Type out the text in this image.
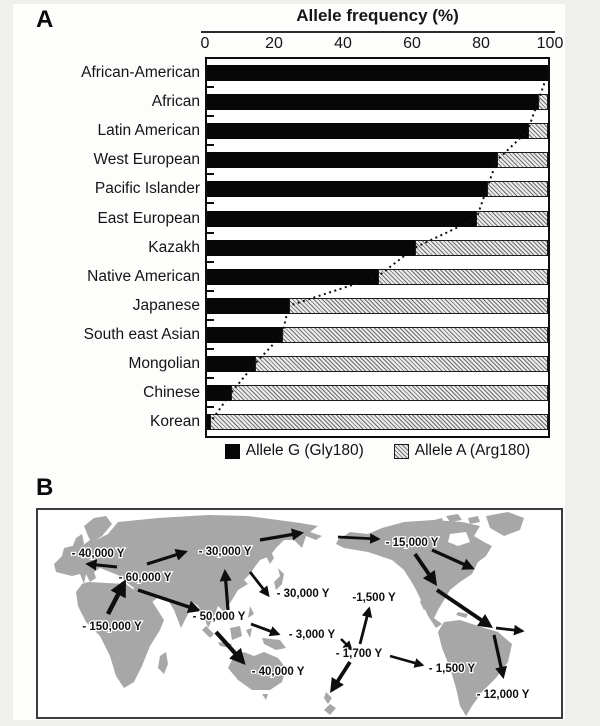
A	Allele frequency (%)
0	20	40	60	80	100
African-American
African
Latin American
West European
Pacific Islander
East European
Kazakh
Native American
Japanese
South east Asian
Mongolian
Chinese
Korean
Allele G (Gly180)	Allele A (Arg180)
B
- 40,000 Y
- 60,000 Y
- 30,000 Y
- 15,000 Y
- 150,000 Y
- 50,000 Y
- 30,000 Y -1,500 Y
- 3,000 Y
- 1,700 Y
- 1,500 Y
- 40,000 Y
- 12,000 Y
